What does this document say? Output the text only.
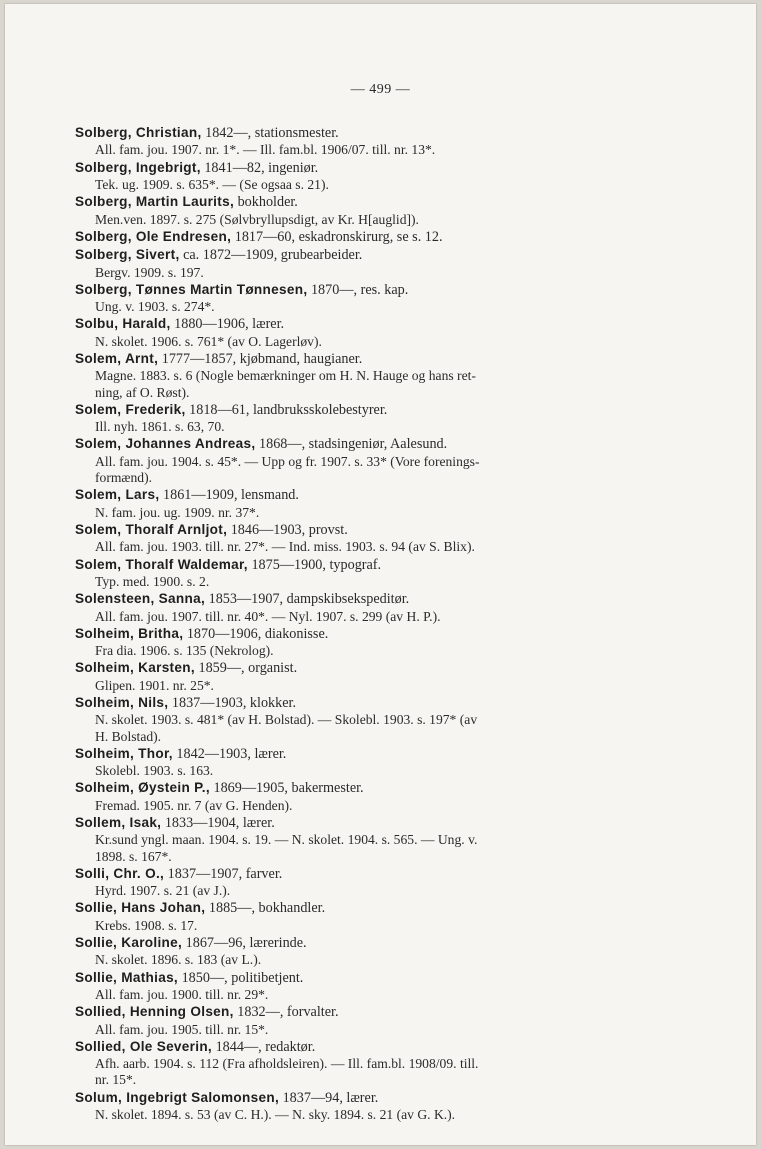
— 499 —
Solberg, Christian, 1842—, stationsmester.
All. fam. jou. 1907. nr. 1*. — Ill. fam.bl. 1906/07. till. nr. 13*.
Solberg, Ingebrigt, 1841—82, ingeniør.
Tek. ug. 1909. s. 635*. — (Se ogsaa s. 21).
Solberg, Martin Laurits, bokholder.
Men.ven. 1897. s. 275 (Sølvbryllupsdigt, av Kr. H[auglid]).
Solberg, Ole Endresen, 1817—60, eskadronskirurg, se s. 12.
Solberg, Sivert, ca. 1872—1909, grubearbeider.
Bergv. 1909. s. 197.
Solberg, Tønnes Martin Tønnesen, 1870—, res. kap.
Ung. v. 1903. s. 274*.
Solbu, Harald, 1880—1906, lærer.
N. skolet. 1906. s. 761* (av O. Lagerløv).
Solem, Arnt, 1777—1857, kjøbmand, haugianer.
Magne. 1883. s. 6 (Nogle bemærkninger om H. N. Hauge og hans ret-
ning, af O. Røst).
Solem, Frederik, 1818—61, landbruksskolebestyrer.
Ill. nyh. 1861. s. 63, 70.
Solem, Johannes Andreas, 1868—, stadsingeniør, Aalesund.
All. fam. jou. 1904. s. 45*. — Upp og fr. 1907. s. 33* (Vore forenings-
formænd).
Solem, Lars, 1861—1909, lensmand.
N. fam. jou. ug. 1909. nr. 37*.
Solem, Thoralf Arnljot, 1846—1903, provst.
All. fam. jou. 1903. till. nr. 27*. — Ind. miss. 1903. s. 94 (av S. Blix).
Solem, Thoralf Waldemar, 1875—1900, typograf.
Typ. med. 1900. s. 2.
Solensteen, Sanna, 1853—1907, dampskibsekspeditør.
All. fam. jou. 1907. till. nr. 40*. — Nyl. 1907. s. 299 (av H. P.).
Solheim, Britha, 1870—1906, diakonisse.
Fra dia. 1906. s. 135 (Nekrolog).
Solheim, Karsten, 1859—, organist.
Glipen. 1901. nr. 25*.
Solheim, Nils, 1837—1903, klokker.
N. skolet. 1903. s. 481* (av H. Bolstad). — Skolebl. 1903. s. 197* (av
H. Bolstad).
Solheim, Thor, 1842—1903, lærer.
Skolebl. 1903. s. 163.
Solheim, Øystein P., 1869—1905, bakermester.
Fremad. 1905. nr. 7 (av G. Henden).
Sollem, Isak, 1833—1904, lærer.
Kr.sund yngl. maan. 1904. s. 19. — N. skolet. 1904. s. 565. — Ung. v.
1898. s. 167*.
Solli, Chr. O., 1837—1907, farver.
Hyrd. 1907. s. 21 (av J.).
Sollie, Hans Johan, 1885—, bokhandler.
Krebs. 1908. s. 17.
Sollie, Karoline, 1867—96, lærerinde.
N. skolet. 1896. s. 183 (av L.).
Sollie, Mathias, 1850—, politibetjent.
All. fam. jou. 1900. till. nr. 29*.
Sollied, Henning Olsen, 1832—, forvalter.
All. fam. jou. 1905. till. nr. 15*.
Sollied, Ole Severin, 1844—, redaktør.
Afh. aarb. 1904. s. 112 (Fra afholdsleiren). — Ill. fam.bl. 1908/09. till.
nr. 15*.
Solum, Ingebrigt Salomonsen, 1837—94, lærer.
N. skolet. 1894. s. 53 (av C. H.). — N. sky. 1894. s. 21 (av G. K.).
